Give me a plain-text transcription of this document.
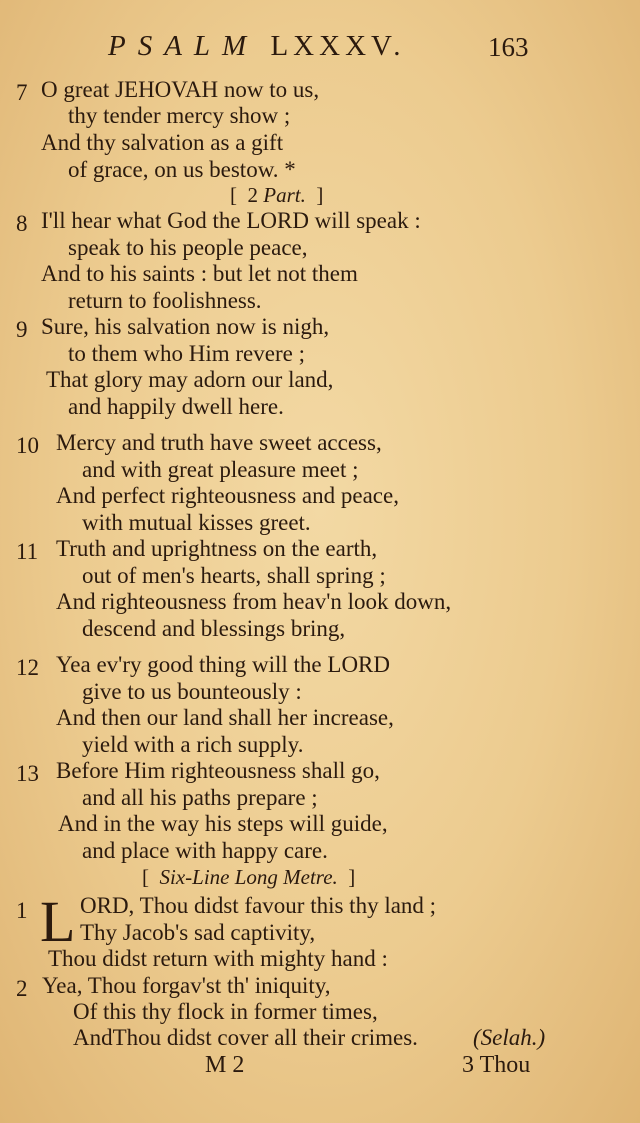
PSALM LXXXV.	163
7 O great JEHOVAH now to us,
thy tender mercy show ;
And thy salvation as a gift
of grace, on us bestow. *
[ 2 Part. ]
8 I'll hear what God the LORD will speak :
speak to his people peace,
And to his saints : but let not them
return to foolishness.
9 Sure, his salvation now is nigh,
to them who Him revere ;
That glory may adorn our land,
and happily dwell here.
10 Mercy and truth have sweet access,
and with great pleasure meet ;
And perfect righteousness and peace,
with mutual kisses greet.
11 Truth and uprightness on the earth,
out of men's hearts, shall spring ;
And righteousness from heav'n look down,
descend and blessings bring,
12 Yea ev'ry good thing will the LORD
give to us bounteously :
And then our land shall her increase,
yield with a rich supply.
13 Before Him righteousness shall go,
and all his paths prepare ;
And in the way his steps will guide,
and place with happy care.
[ Six-Line Long Metre. ]
1 L ORD, Thou didst favour this thy land ;
Thy Jacob's sad captivity,
Thou didst return with mighty hand :
2 Yea, Thou forgav'st th' iniquity,
Of this thy flock in former times,
AndThou didst cover all their crimes. (Selah.)
M 2	3 Thou
